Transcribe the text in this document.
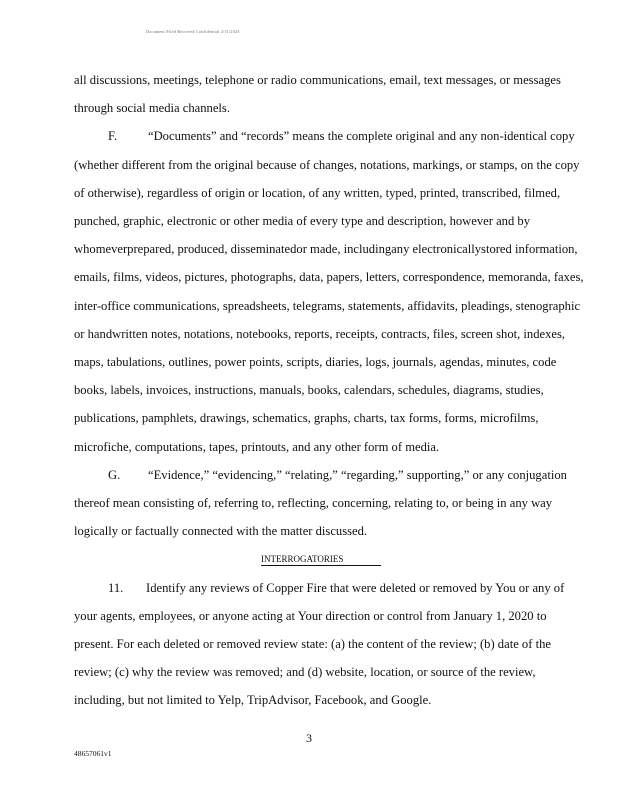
Document Filed Received Confidential 2/11/2023

all discussions, meetings, telephone or radio communications, email, text messages, or messages through social media channels.

F. “Documents” and “records” means the complete original and any non-identical copy (whether different from the original because of changes, notations, markings, or stamps, on the copy of otherwise), regardless of origin or location, of any written, typed, printed, transcribed, filmed, punched, graphic, electronic or other media of every type and description, however and by whomeverprepared, produced, disseminatedor made, includingany electronicallystored information, emails, films, videos, pictures, photographs, data, papers, letters, correspondence, memoranda, faxes, inter-office communications, spreadsheets, telegrams, statements, affidavits, pleadings, stenographic or handwritten notes, notations, notebooks, reports, receipts, contracts, files, screen shot, indexes, maps, tabulations, outlines, power points, scripts, diaries, logs, journals, agendas, minutes, code books, labels, invoices, instructions, manuals, books, calendars, schedules, diagrams, studies, publications, pamphlets, drawings, schematics, graphs, charts, tax forms, forms, microfilms, microfiche, computations, tapes, printouts, and any other form of media.

G. “Evidence,” “evidencing,” “relating,” “regarding,” supporting,” or any conjugation thereof mean consisting of, referring to, reflecting, concerning, relating to, or being in any way logically or factually connected with the matter discussed.

INTERROGATORIES

11. Identify any reviews of Copper Fire that were deleted or removed by You or any of your agents, employees, or anyone acting at Your direction or control from January 1, 2020 to present. For each deleted or removed review state: (a) the content of the review; (b) date of the review; (c) why the review was removed; and (d) website, location, or source of the review, including, but not limited to Yelp, TripAdvisor, Facebook, and Google.

3
48657061v1
